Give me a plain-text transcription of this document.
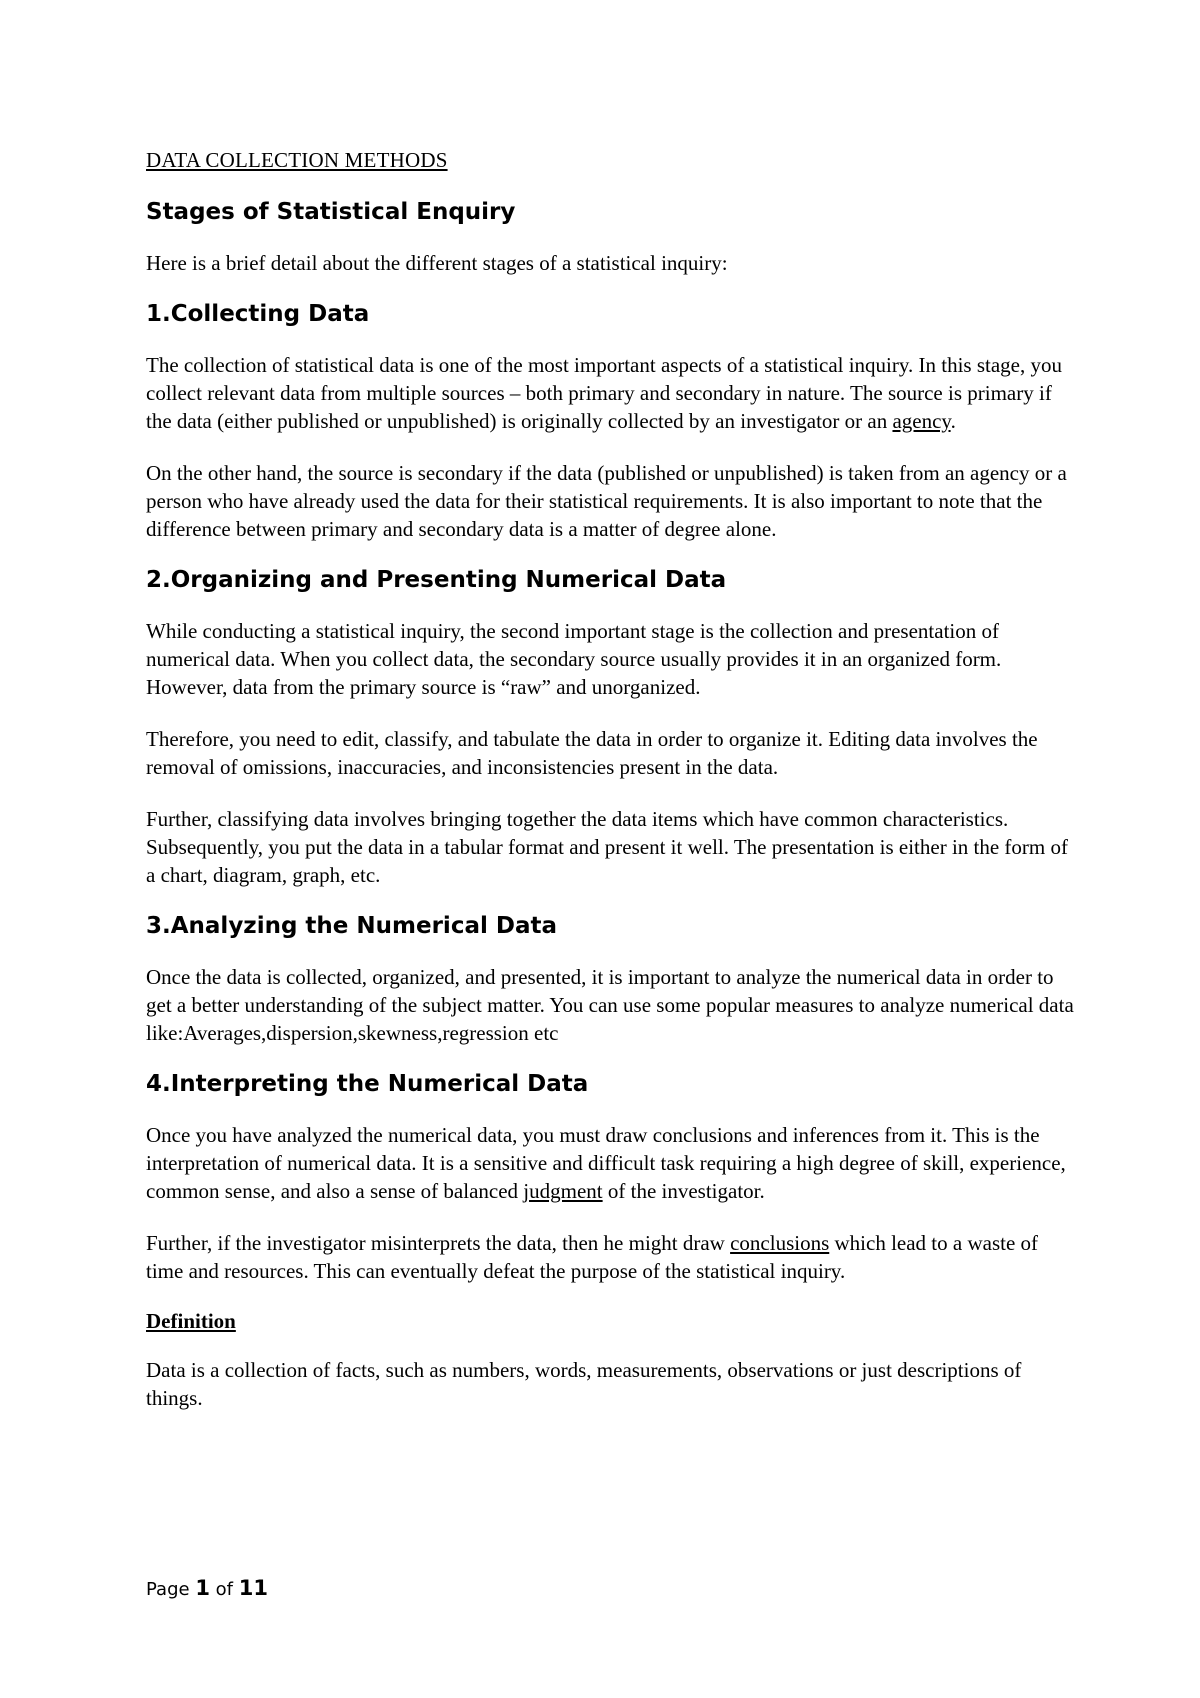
DATA COLLECTION METHODS
Stages of Statistical Enquiry

Here is a brief detail about the different stages of a statistical inquiry:

1.Collecting Data

The collection of statistical data is one of the most important aspects of a statistical inquiry. In this stage, you collect relevant data from multiple sources – both primary and secondary in nature. The source is primary if the data (either published or unpublished) is originally collected by an investigator or an agency.

On the other hand, the source is secondary if the data (published or unpublished) is taken from an agency or a person who have already used the data for their statistical requirements. It is also important to note that the difference between primary and secondary data is a matter of degree alone.

2.Organizing and Presenting Numerical Data

While conducting a statistical inquiry, the second important stage is the collection and presentation of numerical data. When you collect data, the secondary source usually provides it in an organized form. However, data from the primary source is “raw” and unorganized.

Therefore, you need to edit, classify, and tabulate the data in order to organize it. Editing data involves the removal of omissions, inaccuracies, and inconsistencies present in the data.

Further, classifying data involves bringing together the data items which have common characteristics. Subsequently, you put the data in a tabular format and present it well. The presentation is either in the form of a chart, diagram, graph, etc.

3.Analyzing the Numerical Data

Once the data is collected, organized, and presented, it is important to analyze the numerical data in order to get a better understanding of the subject matter. You can use some popular measures to analyze numerical data like:Averages,dispersion,skewness,regression etc

4.Interpreting the Numerical Data

Once you have analyzed the numerical data, you must draw conclusions and inferences from it. This is the interpretation of numerical data. It is a sensitive and difficult task requiring a high degree of skill, experience, common sense, and also a sense of balanced judgment of the investigator.

Further, if the investigator misinterprets the data, then he might draw conclusions which lead to a waste of time and resources. This can eventually defeat the purpose of the statistical inquiry.

Definition

Data is a collection of facts, such as numbers, words, measurements, observations or just descriptions of things.

Page 1 of 11
